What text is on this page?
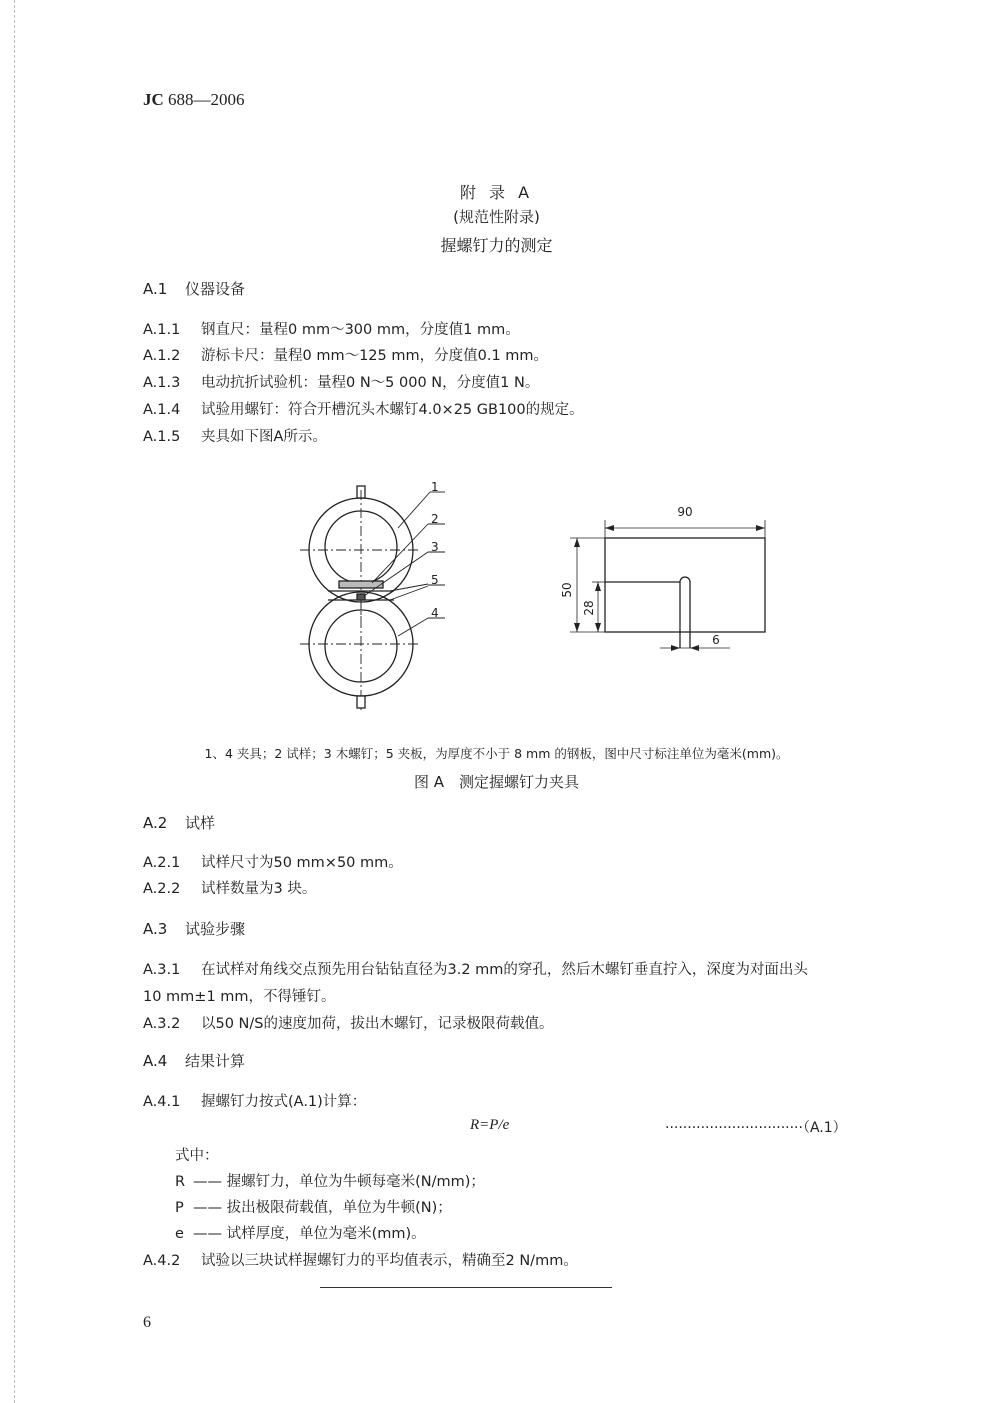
JC 688—2006
附 录 A
(规范性附录)
握螺钉力的测定
A.1 仪器设备
A.1.1 钢直尺：量程0 mm～300 mm，分度值1 mm。
A.1.2 游标卡尺：量程0 mm～125 mm，分度值0.1 mm。
A.1.3 电动抗折试验机：量程0 N～5 000 N，分度值1 N。
A.1.4 试验用螺钉：符合开槽沉头木螺钉4.0×25 GB100的规定。
A.1.5 夹具如下图A所示。
1
2
3
5
4
90
50
28
6
1、4 夹具；2 试样；3 木螺钉；5 夹板，为厚度不小于 8 mm 的钢板，图中尺寸标注单位为毫米(mm)。
图 A　测定握螺钉力夹具
A.2 试样
A.2.1 试样尺寸为50 mm×50 mm。
A.2.2 试样数量为3 块。
A.3 试验步骤
A.3.1 在试样对角线交点预先用台钻钻直径为3.2 mm的穿孔，然后木螺钉垂直拧入，深度为对面出头
10 mm±1 mm，不得锤钉。
A.3.2 以50 N/S的速度加荷，拔出木螺钉，记录极限荷载值。
A.4 结果计算
A.4.1 握螺钉力按式(A.1)计算：
R=P/e	·······························（A.1）
式中：
R —— 握螺钉力，单位为牛顿每毫米(N/mm)；
P —— 拔出极限荷载值，单位为牛顿(N)；
e —— 试样厚度，单位为毫米(mm)。
A.4.2 试验以三块试样握螺钉力的平均值表示，精确至2 N/mm。
6
